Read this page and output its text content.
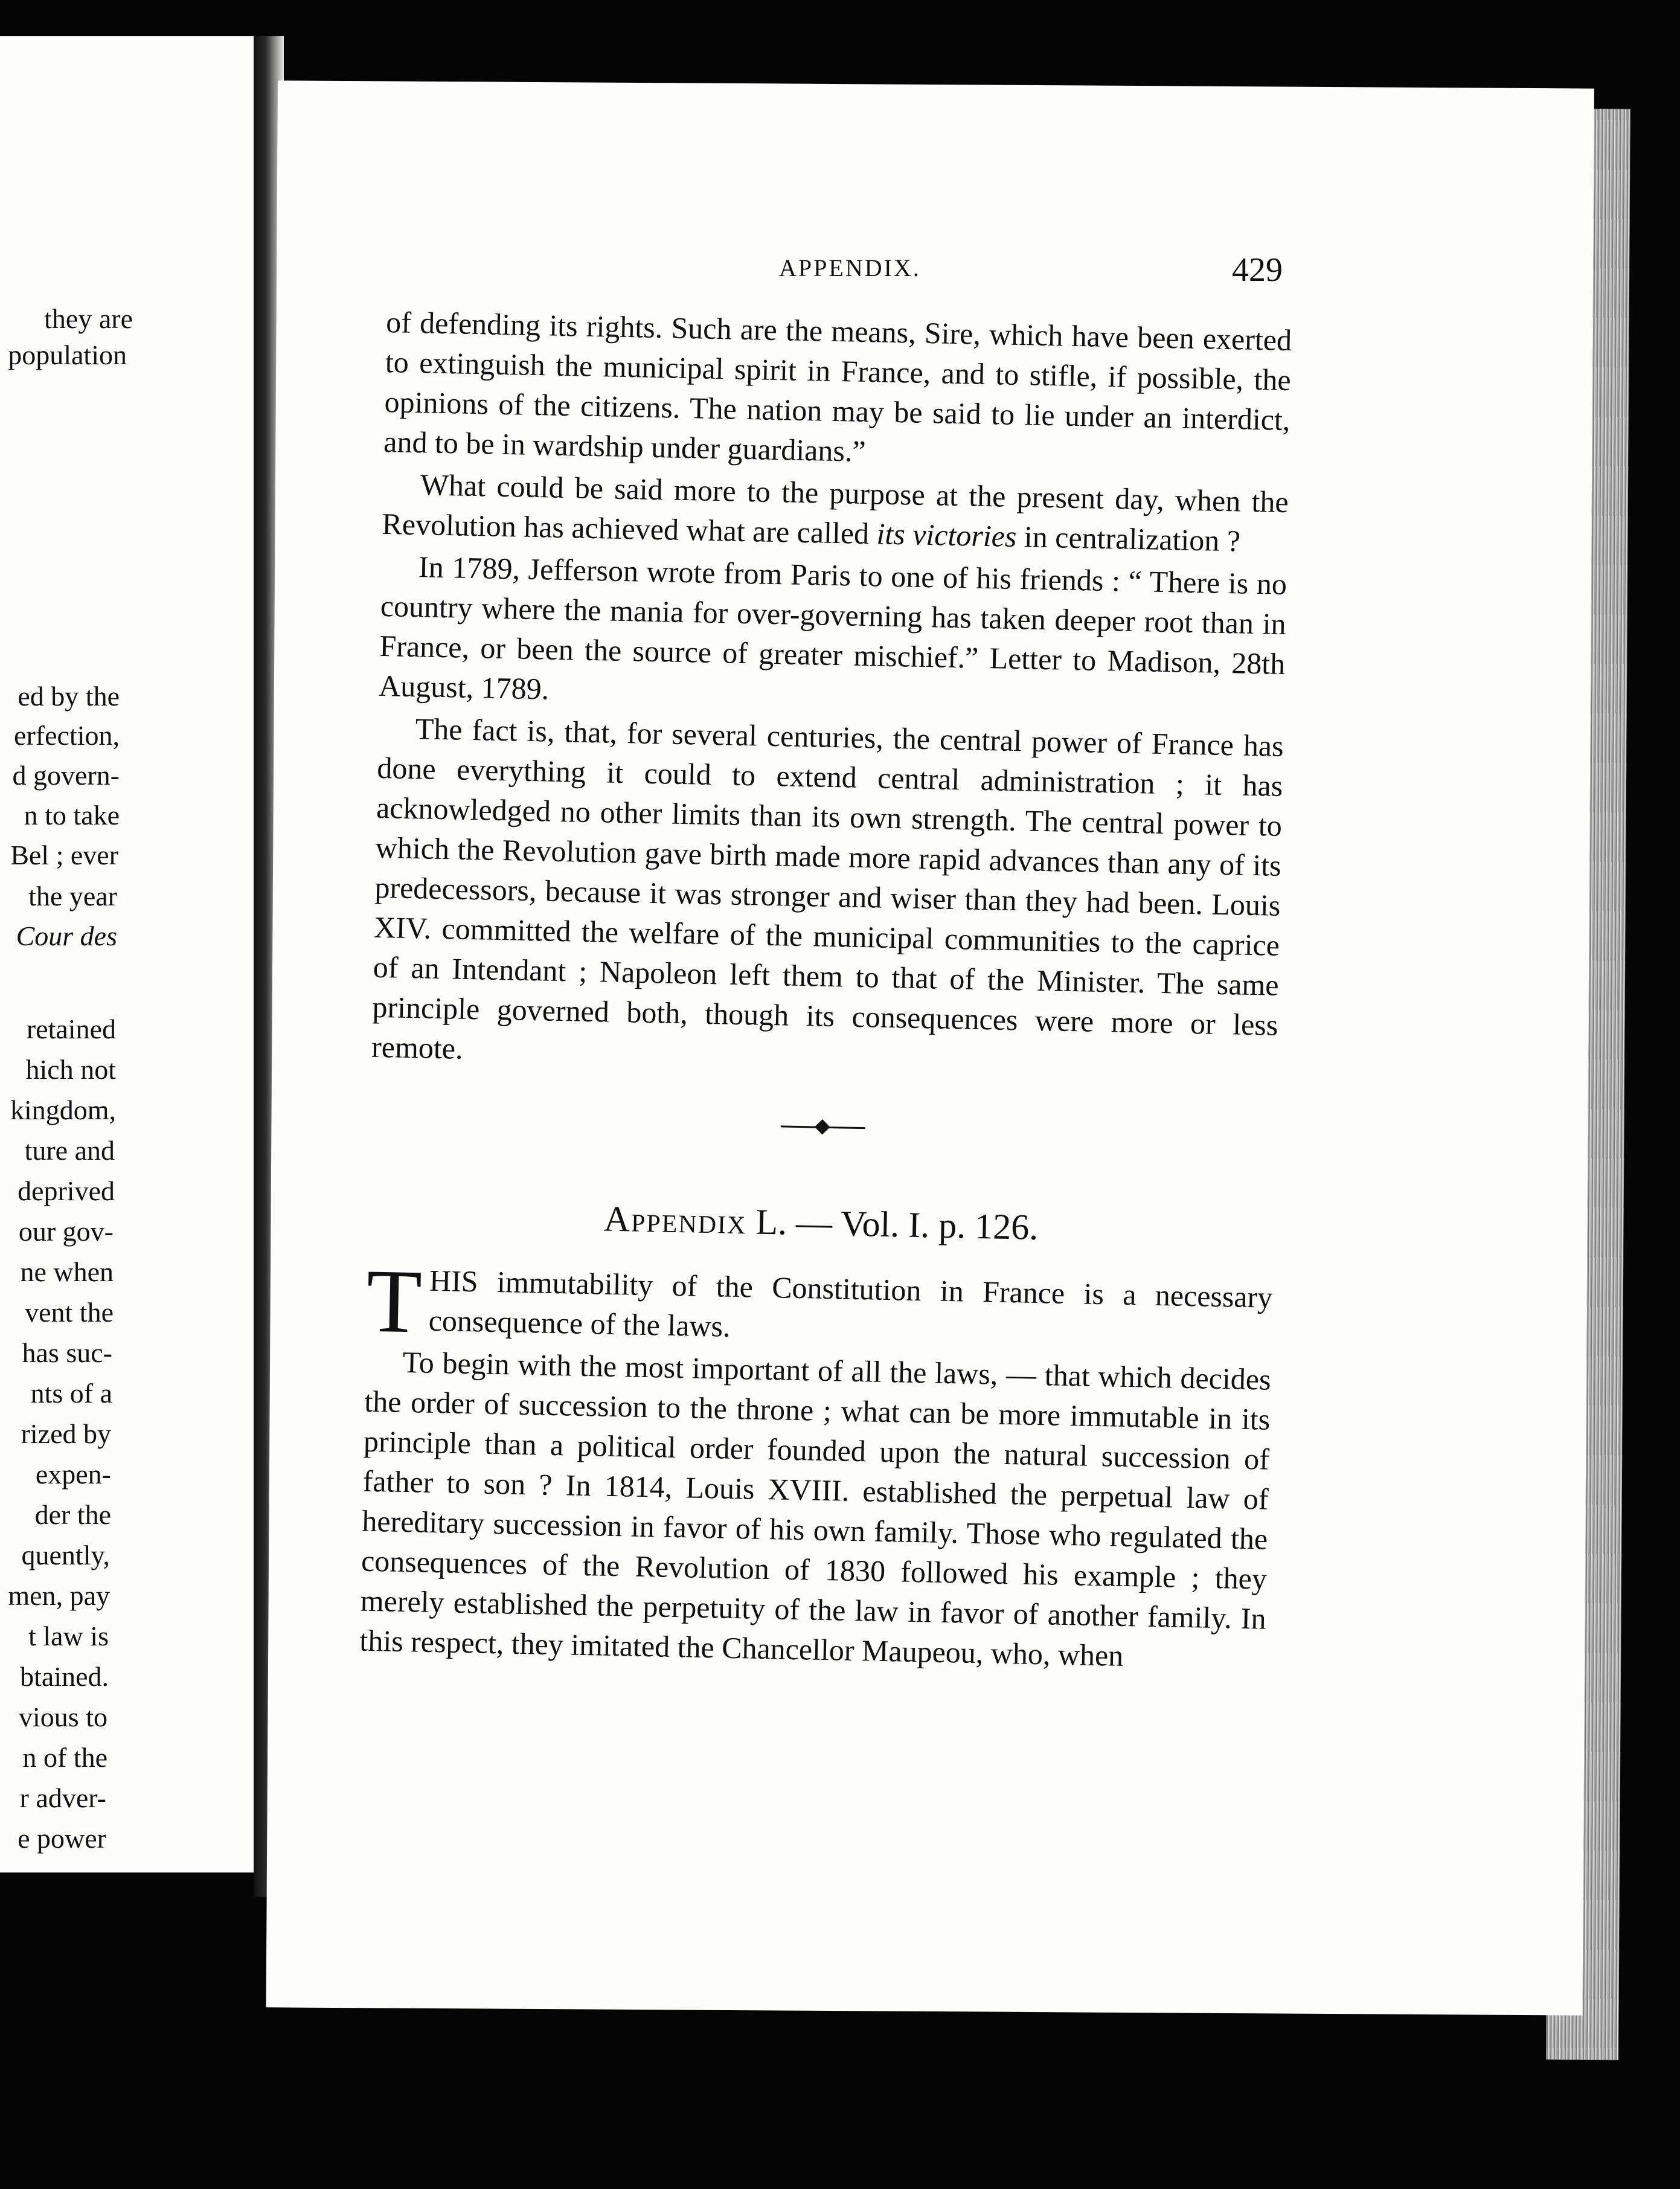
they are
population
ed by the
erfection,
d govern-
n to take
Bel ; ever
the year
Cour des
retained
hich not
kingdom,
ture and
deprived
our gov-
ne when
vent the
has suc-
nts of a
rized by
expen-
der the
quently,
men, pay
t law is
btained.
vious to
n of the
r adver-
e power
APPENDIX.	429

of defending its rights. Such are the means, Sire, which have been exerted to extinguish the municipal spirit in France, and to stifle, if possible, the opinions of the citizens. The nation may be said to lie under an interdict, and to be in wardship under guardians.”

What could be said more to the purpose at the present day, when the Revolution has achieved what are called its victories in centralization ?

In 1789, Jefferson wrote from Paris to one of his friends : “ There is no country where the mania for over-governing has taken deeper root than in France, or been the source of greater mischief.” Letter to Madison, 28th August, 1789.

The fact is, that, for several centuries, the central power of France has done everything it could to extend central administration ; it has acknowledged no other limits than its own strength. The central power to which the Revolution gave birth made more rapid advances than any of its predecessors, because it was stronger and wiser than they had been. Louis XIV. committed the welfare of the municipal communities to the caprice of an Intendant ; Napoleon left them to that of the Minister. The same principle governed both, though its consequences were more or less remote.

Appendix L. — Vol. I. p. 126.

THIS immutability of the Constitution in France is a necessary consequence of the laws.

To begin with the most important of all the laws, — that which decides the order of succession to the throne ; what can be more immutable in its principle than a political order founded upon the natural succession of father to son ? In 1814, Louis XVIII. established the perpetual law of hereditary succession in favor of his own family. Those who regulated the consequences of the Revolution of 1830 followed his example ; they merely established the perpetuity of the law in favor of another family. In this respect, they imitated the Chancellor Maupeou, who, when
